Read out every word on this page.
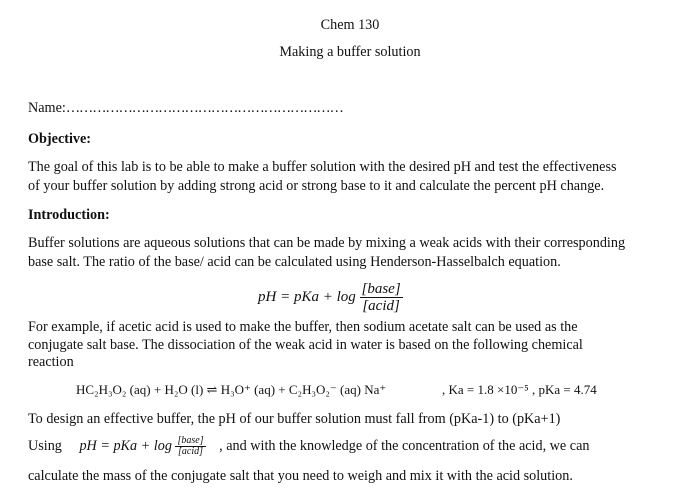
Chem 130
Making a buffer solution
Name:………………………………………………………
Objective:
The goal of this lab is to be able to make a buffer solution with the desired pH and test the effectiveness
of your buffer solution by adding strong acid or strong base to it and calculate the percent pH change.
Introduction:
Buffer solutions are aqueous solutions that can be made by mixing a weak acids with their corresponding
base salt. The ratio of the base/ acid can be calculated using Henderson-Hasselbalch equation.
pH = pKa + $\log \frac{\text{[base]}}{\text{[acid]}}$
For example, if acetic acid is used to make the buffer, then sodium acetate salt can be used as the
conjugate salt base. The dissociation of the weak acid in water is based on the following chemical
reaction
HC₂H₃O₂ (aq) + H₂O (l) ⇌ H₃O⁺ (aq) + C₂H₃O₂⁻ (aq) Na⁺	, Ka = 1.8 ×10⁻⁵ , pKa = 4.74
To design an effective buffer, the pH of our buffer solution must fall from (pKa-1) to (pKa+1)
Using pH = pKa + $\log \frac{\text{[base]}}{\text{[acid]}}$ , and with the knowledge of the concentration of the acid, we can
calculate the mass of the conjugate salt that you need to weigh and mix it with the acid solution.
